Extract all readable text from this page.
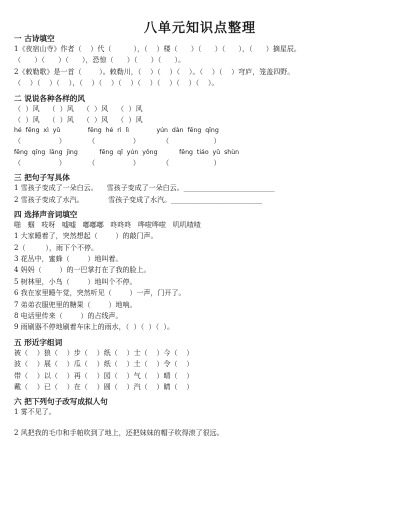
八单元知识点整理
一 古诗填空
1《夜宿山寺》作者（    ）代（          ），（    ）楼（      ）（      ）（      ），（      ）摘星辰。
（      ）（      ）（      ），恐惊（      ）（      ）（      ）。
2《敕勒歌》是一首（        ）。敕勒川，（    ）（    ）（    ）。（    ）（    ）穹庐，笼盖四野。
（    ）（    ）（    ），（    ）（    ）（    ）（    ）（    ）（    ）（    ）。
二 说说各种各样的风
（  ）风    （  ）风    （  ）风    （  ）风
（  ）风    （  ）风    （  ）风    （  ）风
hé  fēng  xì  yǔ              fēng  hé  rì  lì              yún  dàn  fēng  qīng
（                 ）          （                 ）          （                    ）
fēng  qīng  lāng  jìng           fēng  qǐ  yún  yǒng           fēng  tiáo  yǔ  shùn
（                 ）          （                 ）          （                    ）
三 把句子写具体
1 雪孩子变成了一朵白云。    雪孩子变成了一朵白云。__________________________
2 雪孩子变成了水汽。           雪孩子变成了水汽。__________________________
四 选择声音词填空
啪   蝈   吱呀   嘘嘘   嘟嘟嘟   咚咚咚   哗啦哗啦   叽叽喳喳
1 大家睡着了，突然想起（        ）的敲门声。
2（         ），雨下个不停。
3 花丛中，蜜蜂（        ）地叫着。
4 妈妈（        ）的一巴掌打在了我的脸上。
5 树林里，小鸟（        ）地叫个不停。
6 我在家里睡午觉，突然听见（        ）一声，门开了。
7 弟弟衣服兜里的糖果（        ）地响。
8 电话里传来（        ）的占线声。
9 雨刷器不停地刷着车床上的雨水，（  ）（  ）（  ）。
五 形近字组词
被（    ）狼（    ）步（    ）纸（    ）士（    ）今（    ）
波（    ）展（    ）瓜（    ）纸（    ）土（    ）令（    ）
带（    ）以（    ）再（    ）园（    ）气（    ）晴（    ）
戴（    ）已（    ）在（    ）圆（    ）汽（    ）睛（    ）
六 把下列句子改写成拟人句
1 雾不见了。
2 风把我的毛巾和手帕吹到了地上，还把妹妹的帽子吹得滚了很远。
